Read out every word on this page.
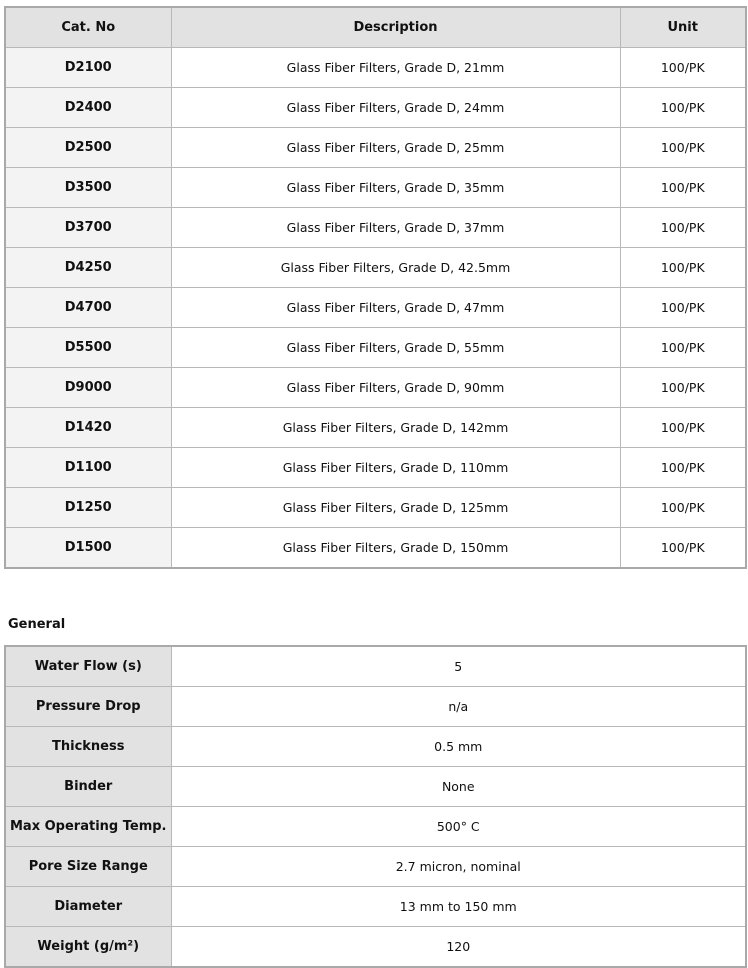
Cat. No	Description	Unit
D2100	Glass Fiber Filters, Grade D, 21mm	100/PK
D2400	Glass Fiber Filters, Grade D, 24mm	100/PK
D2500	Glass Fiber Filters, Grade D, 25mm	100/PK
D3500	Glass Fiber Filters, Grade D, 35mm	100/PK
D3700	Glass Fiber Filters, Grade D, 37mm	100/PK
D4250	Glass Fiber Filters, Grade D, 42.5mm	100/PK
D4700	Glass Fiber Filters, Grade D, 47mm	100/PK
D5500	Glass Fiber Filters, Grade D, 55mm	100/PK
D9000	Glass Fiber Filters, Grade D, 90mm	100/PK
D1420	Glass Fiber Filters, Grade D, 142mm	100/PK
D1100	Glass Fiber Filters, Grade D, 110mm	100/PK
D1250	Glass Fiber Filters, Grade D, 125mm	100/PK
D1500	Glass Fiber Filters, Grade D, 150mm	100/PK
General
Water Flow (s)	5
Pressure Drop	n/a
Thickness	0.5 mm
Binder	None
Max Operating Temp.	500° C
Pore Size Range	2.7 micron, nominal
Diameter	13 mm to 150 mm
Weight (g/m²)	120
